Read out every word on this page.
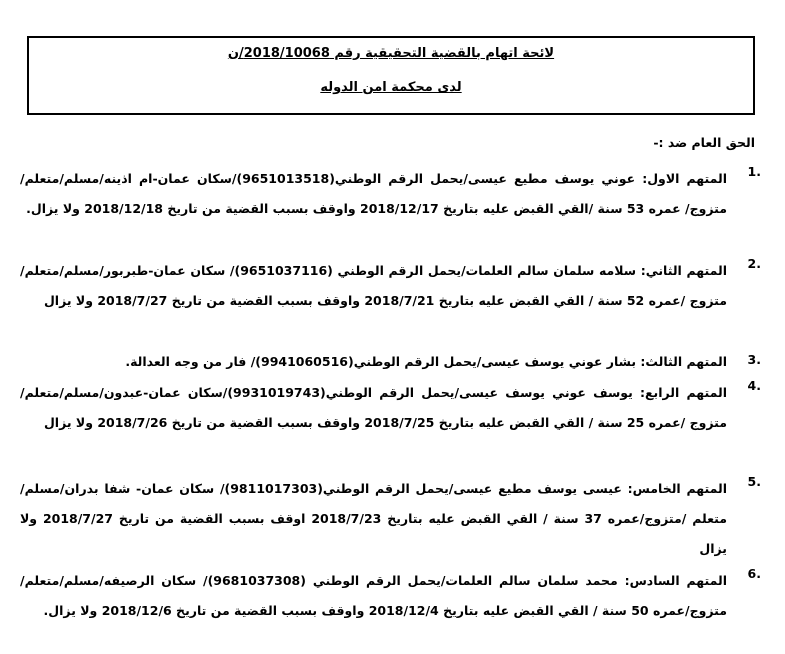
لائحة اتهام بالقضية التحقيقية رقم 2018/10068/ن
لدى محكمة امن الدوله
الحق العام ضد :-
1.
المتهم الاول: عوني يوسف مطيع عيسى/يحمل الرقم الوطني(9651013518)/سكان عمان-ام اذينه/مسلم/متعلم/متزوج/ عمره 53 سنة /القي القبض عليه بتاريخ 2018/12/17 واوقف بسبب القضية من تاريخ 2018/12/18 ولا يزال.
2.
المتهم الثاني: سلامه سلمان سالم العلمات/يحمل الرقم الوطني (9651037116)/ سكان عمان-طبربور/مسلم/متعلم/متزوج /عمره 52 سنة / القي القبض عليه بتاريخ 2018/7/21 واوقف بسبب القضية من تاريخ 2018/7/27 ولا يزال
3.
المتهم الثالث: بشار عوني يوسف عيسى/يحمل الرقم الوطني(9941060516)/ فار من وجه العدالة.
4.
المتهم الرابع: يوسف عوني يوسف عيسى/يحمل الرقم الوطني(9931019743)/سكان عمان-عبدون/مسلم/متعلم/متزوج /عمره 25 سنة / القي القبض عليه بتاريخ 2018/7/25 واوقف بسبب القضية من تاريخ 2018/7/26 ولا يزال
5.
المتهم الخامس: عيسى يوسف مطيع عيسى/يحمل الرقم الوطني(9811017303)/ سكان عمان- شفا بدران/مسلم/متعلم /متزوج/عمره 37 سنة / القي القبض عليه بتاريخ 2018/7/23 اوقف بسبب القضية من تاريخ 2018/7/27 ولا يزال
6.
المتهم السادس: محمد سلمان سالم العلمات/يحمل الرقم الوطني (9681037308)/ سكان الرصيفه/مسلم/متعلم/متزوج/عمره 50 سنة / القي القبض عليه بتاريخ 2018/12/4 واوقف بسبب القضية من تاريخ 2018/12/6 ولا يزال.
